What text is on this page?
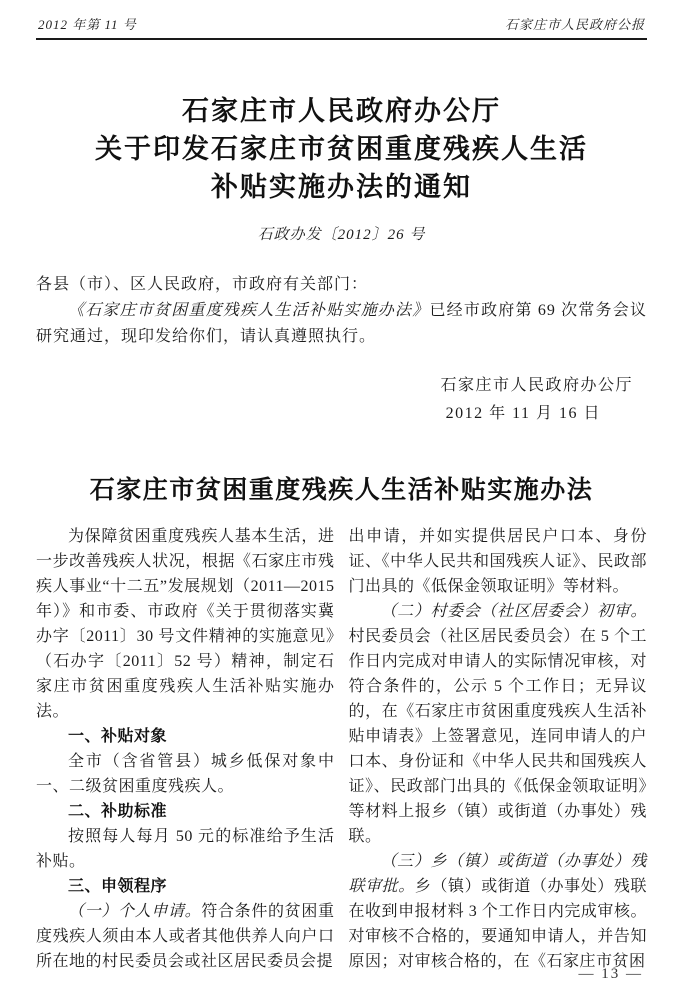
2012 年第 11 号	石家庄市人民政府公报
石家庄市人民政府办公厅
关于印发石家庄市贫困重度残疾人生活
补贴实施办法的通知
石政办发〔2012〕26 号

各县（市）、区人民政府，市政府有关部门：

《石家庄市贫困重度残疾人生活补贴实施办法》已经市政府第 69 次常务会议研究通过，现印发给你们，请认真遵照执行。

石家庄市人民政府办公厅
2012 年 11 月 16 日
石家庄市贫困重度残疾人生活补贴实施办法

为保障贫困重度残疾人基本生活，进一步改善残疾人状况，根据《石家庄市残疾人事业“十二五”发展规划（2011—2015 年）》和市委、市政府《关于贯彻落实冀办字〔2011〕30 号文件精神的实施意见》（石办字〔2011〕52 号）精神，制定石家庄市贫困重度残疾人生活补贴实施办法。

一、补贴对象

全市（含省管县）城乡低保对象中一、二级贫困重度残疾人。

二、补助标准

按照每人每月 50 元的标准给予生活补贴。

三、申领程序

（一）个人申请。符合条件的贫困重度残疾人须由本人或者其他供养人向户口所在地的村民委员会或社区居民委员会提

出申请，并如实提供居民户口本、身份证、《中华人民共和国残疾人证》、民政部门出具的《低保金领取证明》等材料。

（二）村委会（社区居委会）初审。村民委员会（社区居民委员会）在 5 个工作日内完成对申请人的实际情况审核，对符合条件的，公示 5 个工作日；无异议的，在《石家庄市贫困重度残疾人生活补贴申请表》上签署意见，连同申请人的户口本、身份证和《中华人民共和国残疾人证》、民政部门出具的《低保金领取证明》等材料上报乡（镇）或街道（办事处）残联。

（三）乡（镇）或街道（办事处）残联审批。乡（镇）或街道（办事处）残联在收到申报材料 3 个工作日内完成审核。对审核不合格的，要通知申请人，并告知原因；对审核合格的，在《石家庄市贫困

— 13 —
